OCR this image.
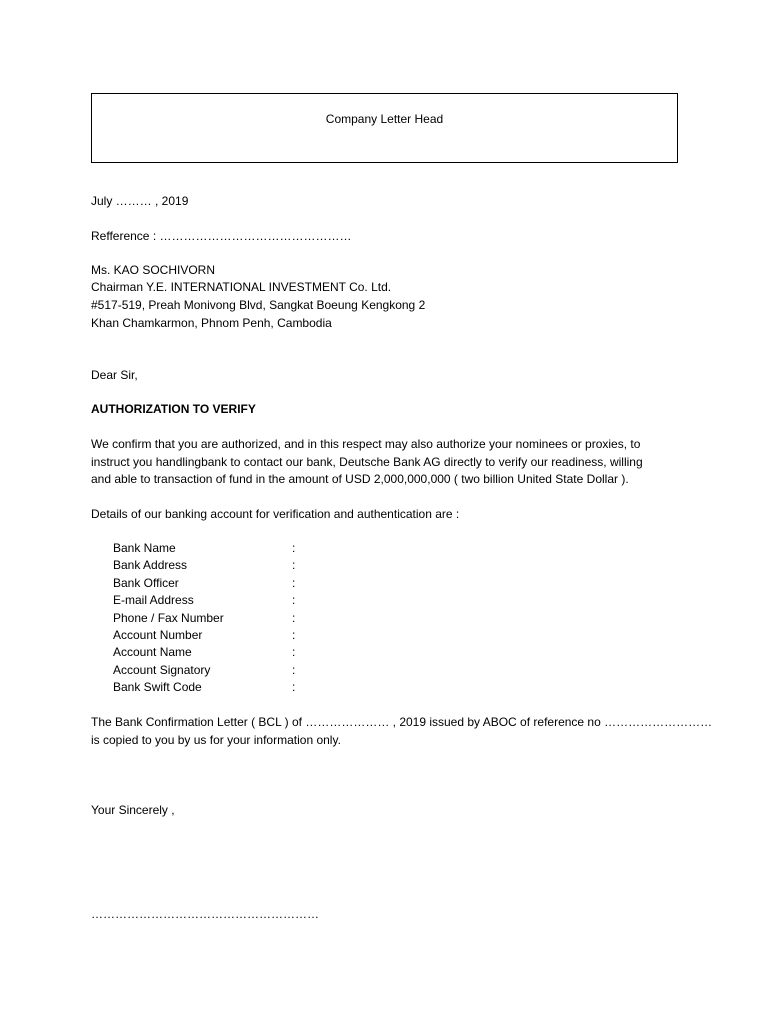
Company Letter Head
July ……… , 2019
Refference : …………………………………………
Ms. KAO SOCHIVORN
Chairman Y.E. INTERNATIONAL INVESTMENT Co. Ltd.
#517-519, Preah Monivong Blvd, Sangkat Boeung Kengkong 2
Khan Chamkarmon, Phnom Penh, Cambodia
Dear Sir,
AUTHORIZATION TO VERIFY
We confirm that you are authorized, and in this respect may also authorize your nominees or proxies, to
instruct you handlingbank to contact our bank, Deutsche Bank AG directly to verify our readiness, willing
and able to transaction of fund in the amount of USD 2,000,000,000 ( two billion United State Dollar ).
Details of our banking account for verification and authentication are :
Bank Name	:
Bank Address	:
Bank Officer	:
E-mail Address	:
Phone / Fax Number	:
Account Number	:
Account Name	:
Account Signatory	:
Bank Swift Code	:
The Bank Confirmation Letter ( BCL ) of ………………… , 2019 issued by ABOC of reference no ………………………
is copied to you by us for your information only.
Your Sincerely ,
…………………………………………………
